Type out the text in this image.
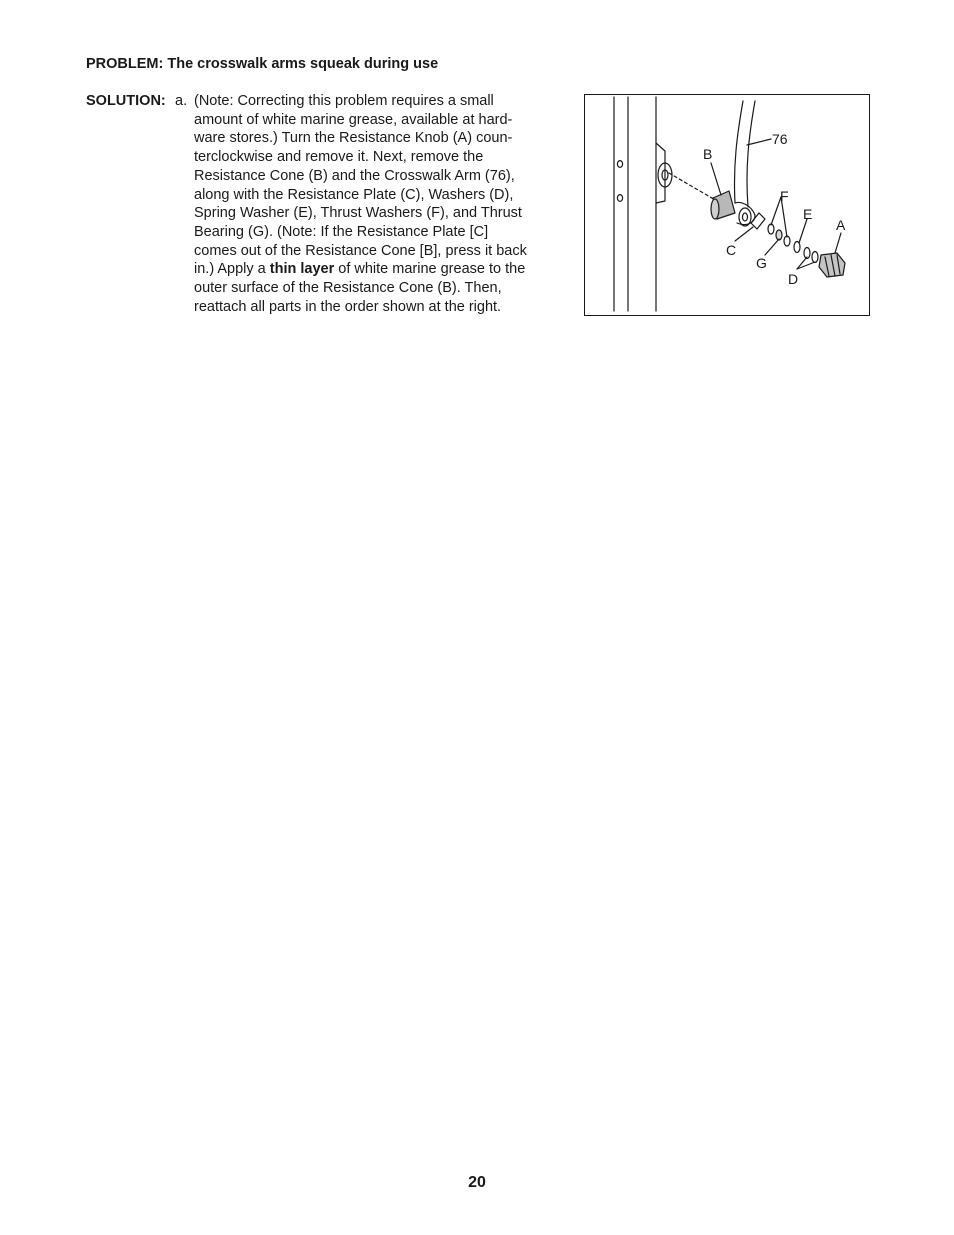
PROBLEM: The crosswalk arms squeak during use
SOLUTION: a. (Note: Correcting this problem requires a small
amount of white marine grease, available at hard-
ware stores.) Turn the Resistance Knob (A) coun-
terclockwise and remove it. Next, remove the
Resistance Cone (B) and the Crosswalk Arm (76),
along with the Resistance Plate (C), Washers (D),
Spring Washer (E), Thrust Washers (F), and Thrust
Bearing (G). (Note: If the Resistance Plate [C]
comes out of the Resistance Cone [B], press it back
in.) Apply a thin layer of white marine grease to the
outer surface of the Resistance Cone (B). Then,
reattach all parts in the order shown at the right.
76
B
F
E
A
C
G
D
20
